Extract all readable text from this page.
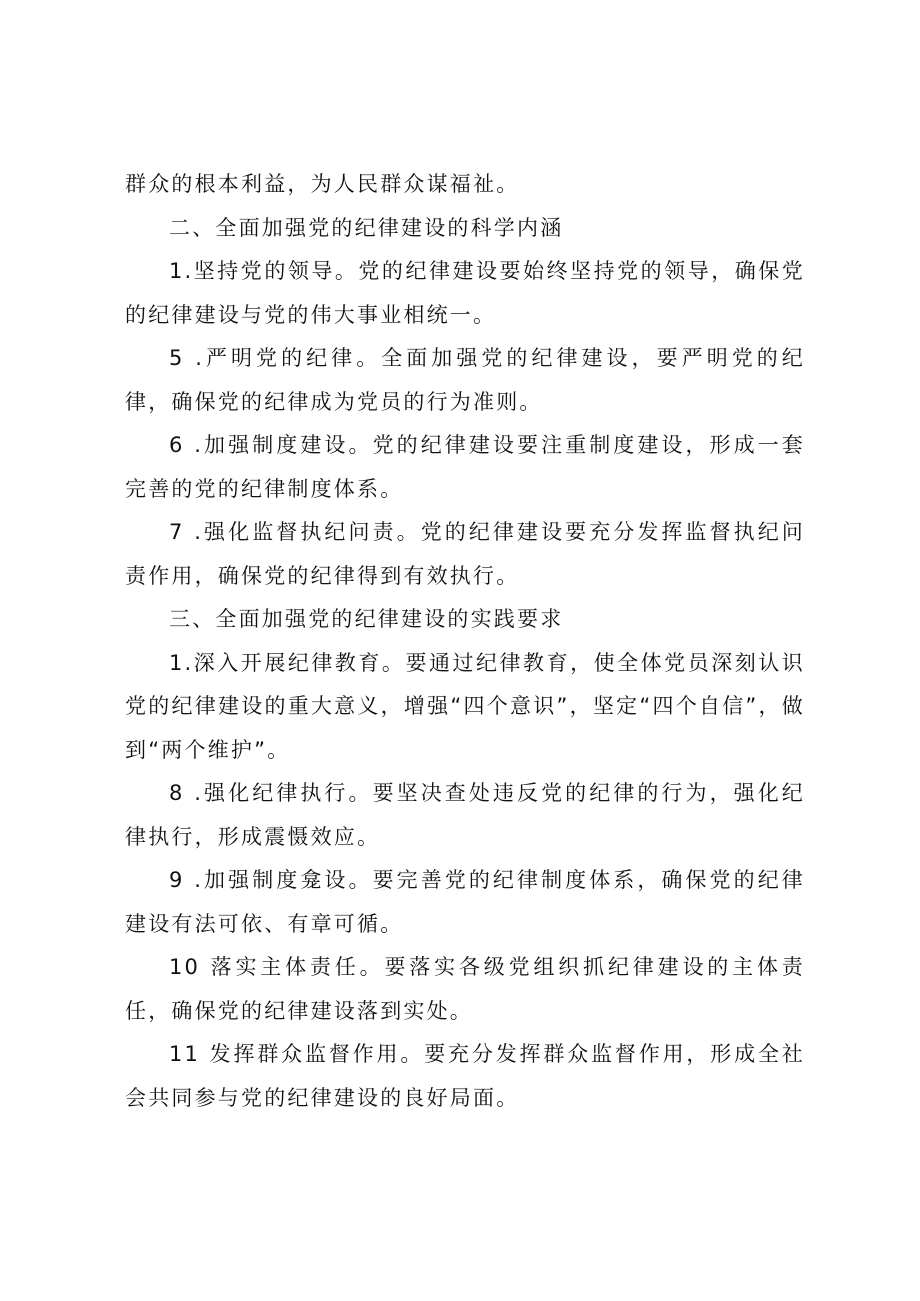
群众的根本利益，为人民群众谋福祉。

二、全面加强党的纪律建设的科学内涵

1.坚持党的领导。党的纪律建设要始终坚持党的领导，确保党的纪律建设与党的伟大事业相统一。

5 .严明党的纪律。全面加强党的纪律建设，要严明党的纪律，确保党的纪律成为党员的行为准则。

6 .加强制度建设。党的纪律建设要注重制度建设，形成一套完善的党的纪律制度体系。

7 .强化监督执纪问责。党的纪律建设要充分发挥监督执纪问责作用，确保党的纪律得到有效执行。

三、全面加强党的纪律建设的实践要求

1.深入开展纪律教育。要通过纪律教育，使全体党员深刻认识党的纪律建设的重大意义，增强“四个意识”，坚定“四个自信”，做到“两个维护”。

8 .强化纪律执行。要坚决查处违反党的纪律的行为，强化纪律执行，形成震慑效应。

9 .加强制度龛设。要完善党的纪律制度体系，确保党的纪律建设有法可依、有章可循。

10 落实主体责任。要落实各级党组织抓纪律建设的主体责任，确保党的纪律建设落到实处。

11 发挥群众监督作用。要充分发挥群众监督作用，形成全社会共同参与党的纪律建设的良好局面。
